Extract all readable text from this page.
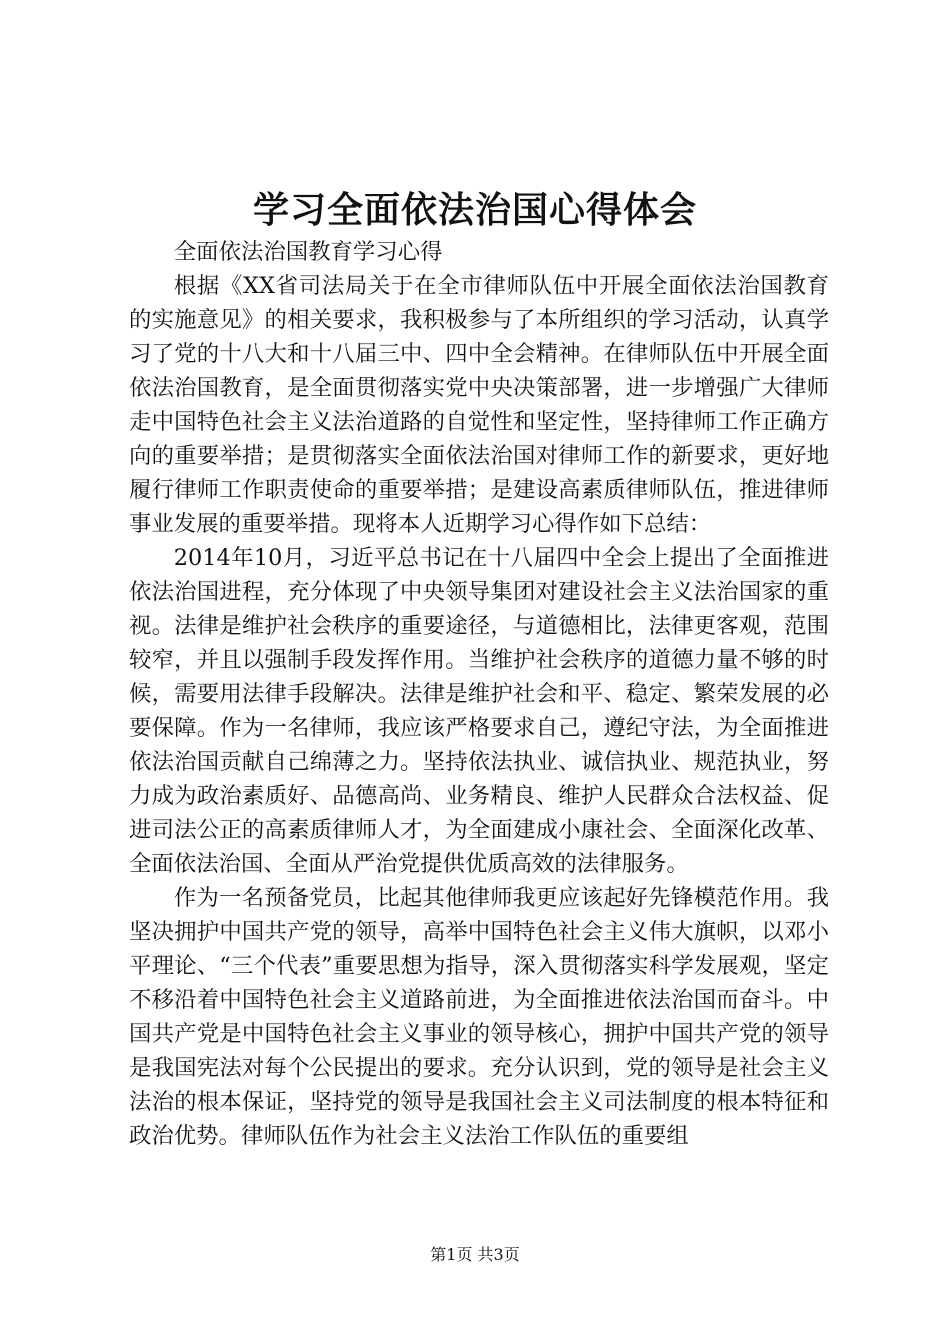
学习全面依法治国心得体会
全面依法治国教育学习心得

根据《XX省司法局关于在全市律师队伍中开展全面依法治国教育的实施意见》的相关要求，我积极参与了本所组织的学习活动，认真学习了党的十八大和十八届三中、四中全会精神。在律师队伍中开展全面依法治国教育，是全面贯彻落实党中央决策部署，进一步增强广大律师走中国特色社会主义法治道路的自觉性和坚定性，坚持律师工作正确方向的重要举措；是贯彻落实全面依法治国对律师工作的新要求，更好地履行律师工作职责使命的重要举措；是建设高素质律师队伍，推进律师事业发展的重要举措。现将本人近期学习心得作如下总结：

2014年10月，习近平总书记在十八届四中全会上提出了全面推进依法治国进程，充分体现了中央领导集团对建设社会主义法治国家的重视。法律是维护社会秩序的重要途径，与道德相比，法律更客观，范围较窄，并且以强制手段发挥作用。当维护社会秩序的道德力量不够的时候，需要用法律手段解决。法律是维护社会和平、稳定、繁荣发展的必要保障。作为一名律师，我应该严格要求自己，遵纪守法，为全面推进依法治国贡献自己绵薄之力。坚持依法执业、诚信执业、规范执业，努力成为政治素质好、品德高尚、业务精良、维护人民群众合法权益、促进司法公正的高素质律师人才，为全面建成小康社会、全面深化改革、全面依法治国、全面从严治党提供优质高效的法律服务。

作为一名预备党员，比起其他律师我更应该起好先锋模范作用。我坚决拥护中国共产党的领导，高举中国特色社会主义伟大旗帜，以邓小平理论、“三个代表”重要思想为指导，深入贯彻落实科学发展观，坚定不移沿着中国特色社会主义道路前进，为全面推进依法治国而奋斗。中国共产党是中国特色社会主义事业的领导核心，拥护中国共产党的领导是我国宪法对每个公民提出的要求。充分认识到，党的领导是社会主义法治的根本保证，坚持党的领导是我国社会主义司法制度的根本特征和政治优势。律师队伍作为社会主义法治工作队伍的重要组

第1页 共3页
